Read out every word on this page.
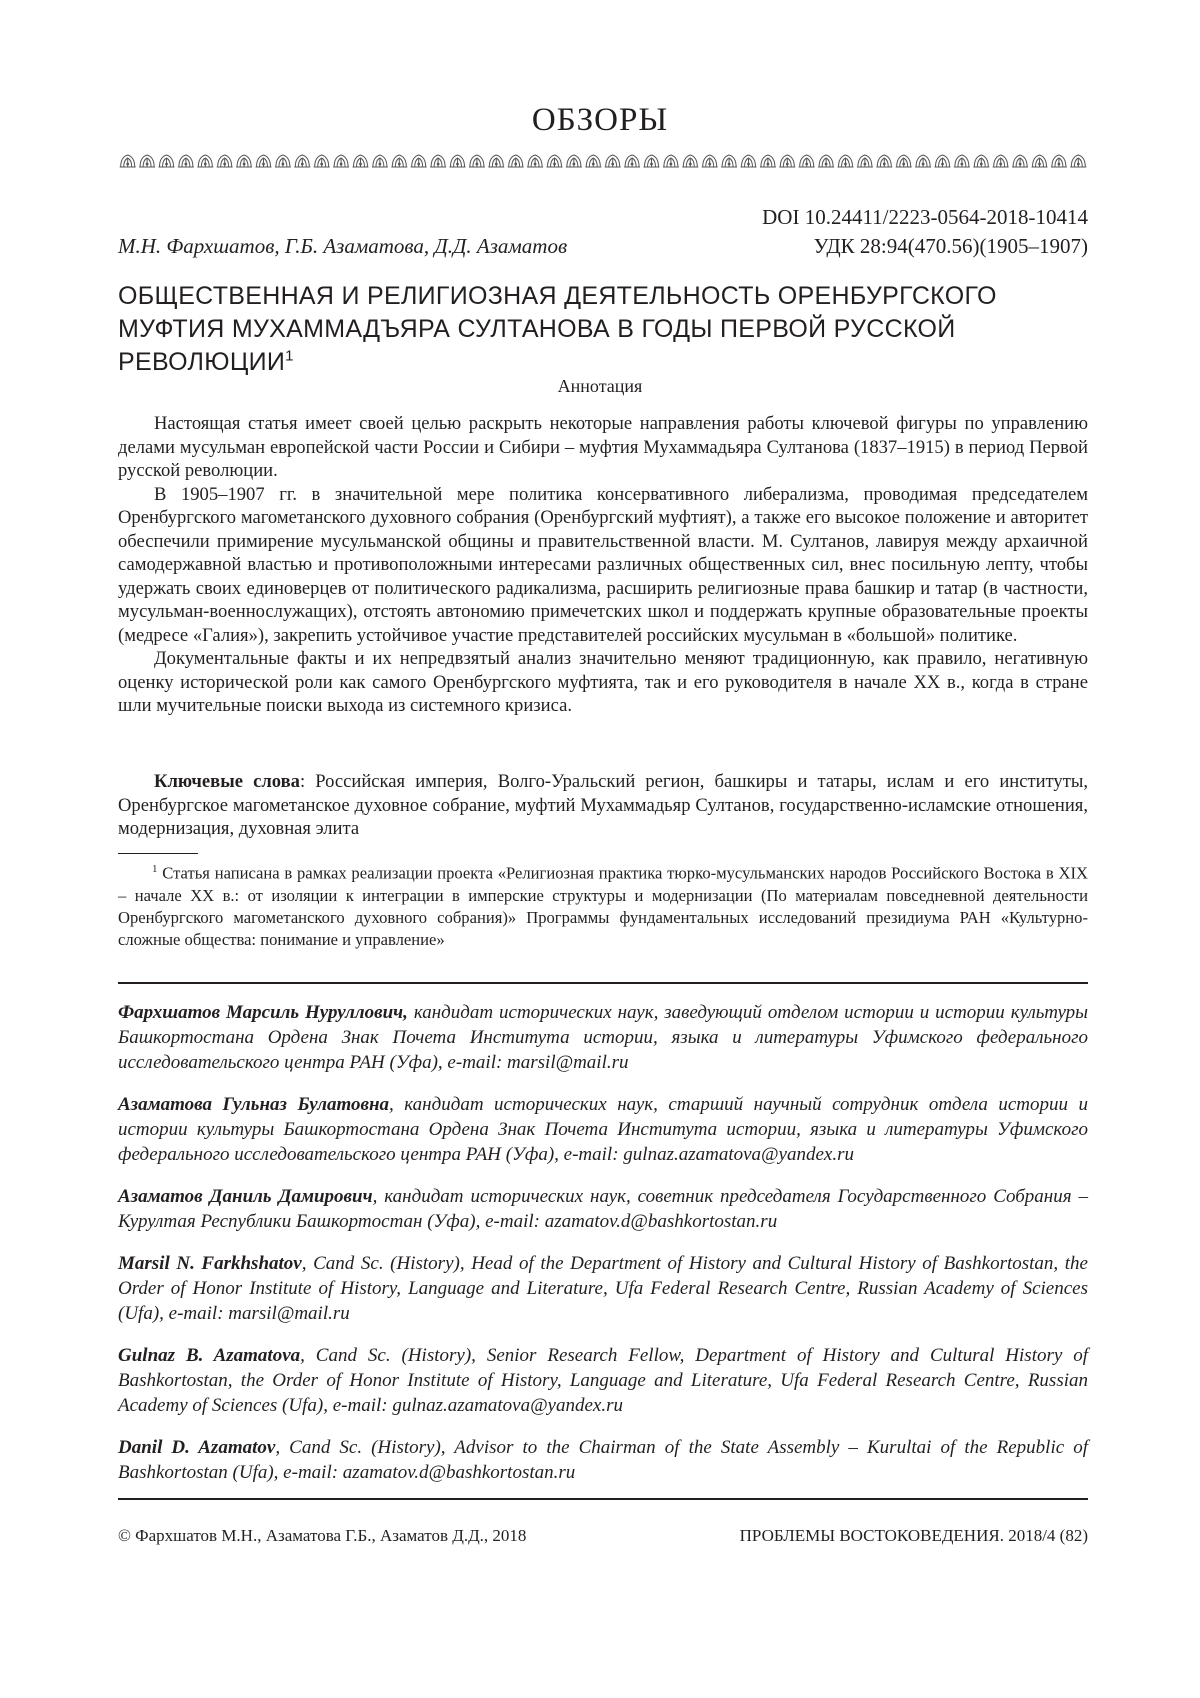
ОБЗОРЫ
DOI 10.24411/2223-0564-2018-10414
М.Н. Фархшатов, Г.Б. Азаматова, Д.Д. Азаматов	УДК 28:94(470.56)(1905–1907)
ОБЩЕСТВЕННАЯ И РЕЛИГИОЗНАЯ ДЕЯТЕЛЬНОСТЬ ОРЕНБУРГСКОГО МУФТИЯ МУХАММАДЪЯРА СУЛТАНОВА В ГОДЫ ПЕРВОЙ РУССКОЙ РЕВОЛЮЦИИ$^1$
Аннотация

Настоящая статья имеет своей целью раскрыть некоторые направления работы ключевой фигуры по управлению делами мусульман европейской части России и Сибири – муфтия Мухаммадьяра Султанова (1837–1915) в период Первой русской революции.

В 1905–1907 гг. в значительной мере политика консервативного либерализма, проводимая председателем Оренбургского магометанского духовного собрания (Оренбургский муфтият), а также его высокое положение и авторитет обеспечили примирение мусульманской общины и правительственной власти. М. Султанов, лавируя между архаичной самодержавной властью и противоположными интересами различных общественных сил, внес посильную лепту, чтобы удержать своих единоверцев от политического радикализма, расширить религиозные права башкир и татар (в частности, мусульман-военнослужащих), отстоять автономию примечетских школ и поддержать крупные образовательные проекты (медресе «Галия»), закрепить устойчивое участие представителей российских мусульман в «большой» политике.

Документальные факты и их непредвзятый анализ значительно меняют традиционную, как правило, негативную оценку исторической роли как самого Оренбургского муфтията, так и его руководителя в начале XX в., когда в стране шли мучительные поиски выхода из системного кризиса.

Ключевые слова: Российская империя, Волго-Уральский регион, башкиры и татары, ислам и его институты, Оренбургское магометанское духовное собрание, муфтий Мухаммадьяр Султанов, государственно-исламские отношения, модернизация, духовная элита
$^1$ Статья написана в рамках реализации проекта «Религиозная практика тюрко-мусульманских народов Российского Востока в XIX – начале XX в.: от изоляции к интеграции в имперские структуры и модернизации (По материалам повседневной деятельности Оренбургского магометанского духовного собрания)» Программы фундаментальных исследований президиума РАН «Культурно-сложные общества: понимание и управление»

Фархшатов Марсиль Нуруллович, кандидат исторических наук, заведующий отделом истории и истории культуры Башкортостана Ордена Знак Почета Института истории, языка и литературы Уфимского федерального исследовательского центра РАН (Уфа), e-mail: marsil@mail.ru

Азаматова Гульназ Булатовна, кандидат исторических наук, старший научный сотрудник отдела истории и истории культуры Башкортостана Ордена Знак Почета Института истории, языка и литературы Уфимского федерального исследовательского центра РАН (Уфа), e-mail: gulnaz.azamatova@yandex.ru

Азаматов Даниль Дамирович, кандидат исторических наук, советник председателя Государственного Собрания – Курултая Республики Башкортостан (Уфа), e-mail: azamatov.d@bashkortostan.ru

Marsil N. Farkhshatov, Cand Sc. (History), Head of the Department of History and Cultural History of Bashkortostan, the Order of Honor Institute of History, Language and Literature, Ufa Federal Research Centre, Russian Academy of Sciences (Ufa), e-mail: marsil@mail.ru

Gulnaz B. Azamatova, Cand Sc. (History), Senior Research Fellow, Department of History and Cultural History of Bashkortostan, the Order of Honor Institute of History, Language and Literature, Ufa Federal Research Centre, Russian Academy of Sciences (Ufa), e-mail: gulnaz.azamatova@yandex.ru

Danil D. Azamatov, Cand Sc. (History), Advisor to the Chairman of the State Assembly – Kurultai of the Republic of Bashkortostan (Ufa), e-mail: azamatov.d@bashkortostan.ru

© Фархшатов М.Н., Азаматова Г.Б., Азаматов Д.Д., 2018	ПРОБЛЕМЫ ВОСТОКОВЕДЕНИЯ. 2018/4 (82)
